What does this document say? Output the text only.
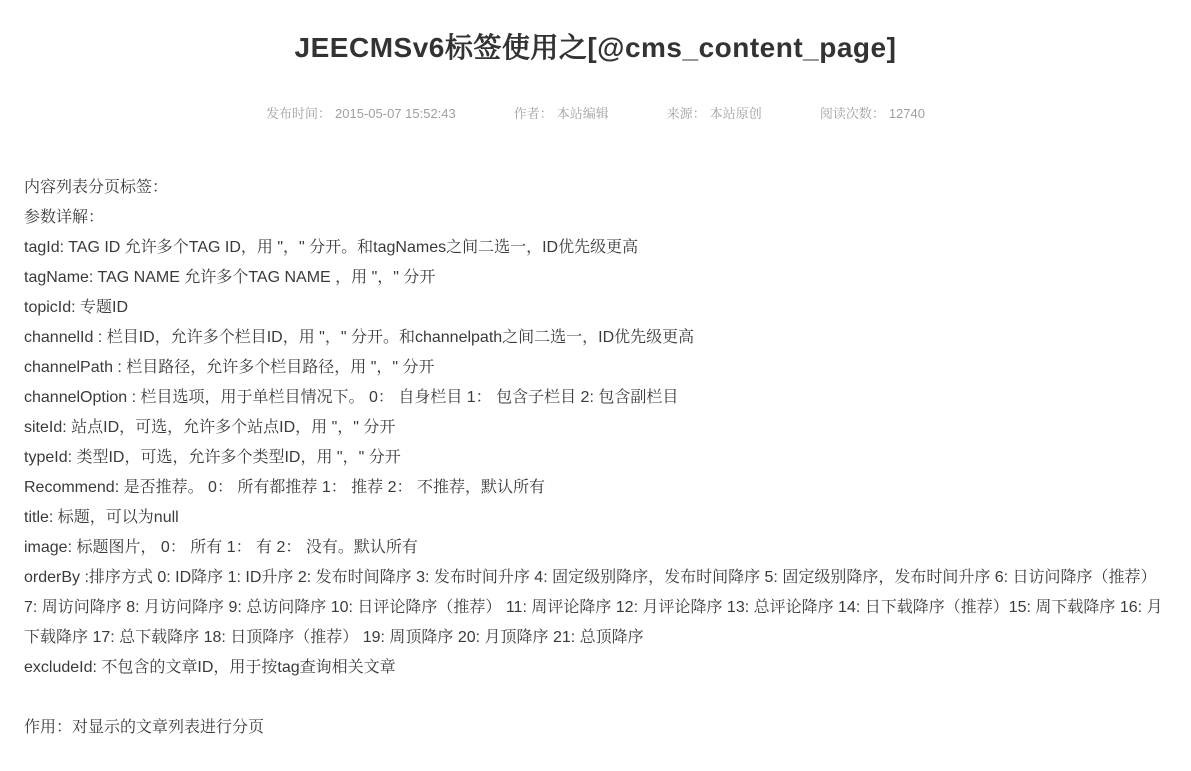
JEECMSv6标签使用之[@cms_content_page]
发布时间： 2015-05-07 15:52:43	作者： 本站编辑	来源： 本站原创	阅读次数： 12740

内容列表分页标签：

参数详解：

tagId: TAG ID 允许多个TAG ID，用 "，" 分开。和tagNames之间二选一，ID优先级更高

tagName: TAG NAME 允许多个TAG NAME ，用 "，" 分开

topicId: 专题ID

channelId : 栏目ID，允许多个栏目ID，用 "，" 分开。和channelpath之间二选一，ID优先级更高

channelPath : 栏目路径，允许多个栏目路径，用 "，" 分开

channelOption : 栏目选项，用于单栏目情况下。 0： 自身栏目 1： 包含子栏目 2: 包含副栏目

siteId: 站点ID，可选，允许多个站点ID，用 "，" 分开

typeId: 类型ID，可选，允许多个类型ID，用 "，" 分开

Recommend: 是否推荐。 0： 所有都推荐 1： 推荐 2： 不推荐，默认所有

title: 标题，可以为null

image: 标题图片， 0： 所有 1： 有 2： 没有。默认所有

orderBy :排序方式 0: ID降序 1: ID升序 2: 发布时间降序 3: 发布时间升序 4: 固定级别降序，发布时间降序 5: 固定级别降序，发布时间升序 6: 日访问降序（推荐）7: 周访问降序 8: 月访问降序 9: 总访问降序 10: 日评论降序（推荐） 11: 周评论降序 12: 月评论降序 13: 总评论降序 14: 日下载降序（推荐）15: 周下载降序 16: 月下载降序 17: 总下载降序 18: 日顶降序（推荐） 19: 周顶降序 20: 月顶降序 21: 总顶降序

excludeId: 不包含的文章ID，用于按tag查询相关文章

作用：对显示的文章列表进行分页
